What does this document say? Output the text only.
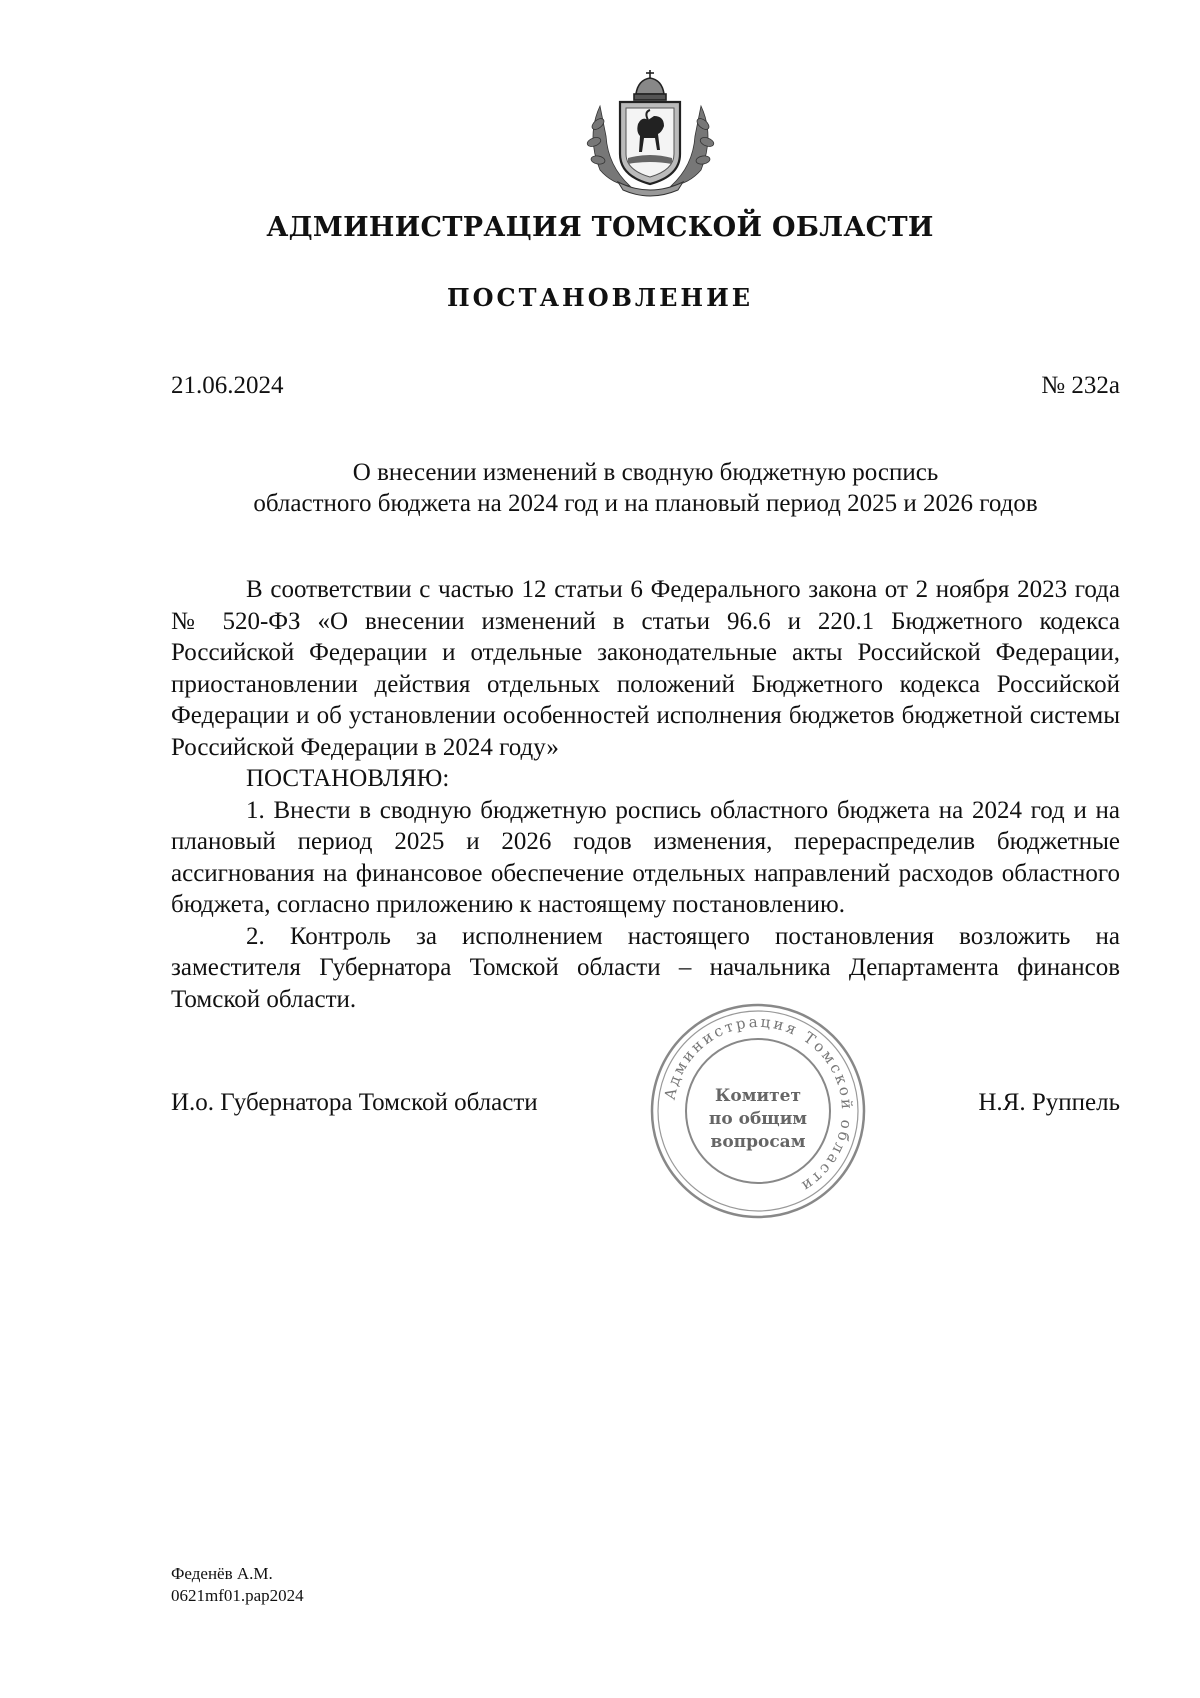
АДМИНИСТРАЦИЯ ТОМСКОЙ ОБЛАСТИ
ПОСТАНОВЛЕНИЕ
21.06.2024	№ 232а
О внесении изменений в сводную бюджетную роспись
областного бюджета на 2024 год и на плановый период 2025 и 2026 годов

В соответствии с частью 12 статьи 6 Федерального закона от 2 ноября 2023 года № 520-ФЗ «О внесении изменений в статьи 96.6 и 220.1 Бюджетного кодекса Российской Федерации и отдельные законодательные акты Российской Федерации, приостановлении действия отдельных положений Бюджетного кодекса Российской Федерации и об установлении особенностей исполнения бюджетов бюджетной системы Российской Федерации в 2024 году»

ПОСТАНОВЛЯЮ:

1. Внести в сводную бюджетную роспись областного бюджета на 2024 год и на плановый период 2025 и 2026 годов изменения, перераспределив бюджетные ассигнования на финансовое обеспечение отдельных направлений расходов областного бюджета, согласно приложению к настоящему постановлению.

2. Контроль за исполнением настоящего постановления возложить на заместителя Губернатора Томской области – начальника Департамента финансов Томской области.

И.о. Губернатора Томской области	Н.Я. Руппель
Администрация Томской области
Комитет
по общим
вопросам
Феденёв А.М.
0621mf01.рар2024
